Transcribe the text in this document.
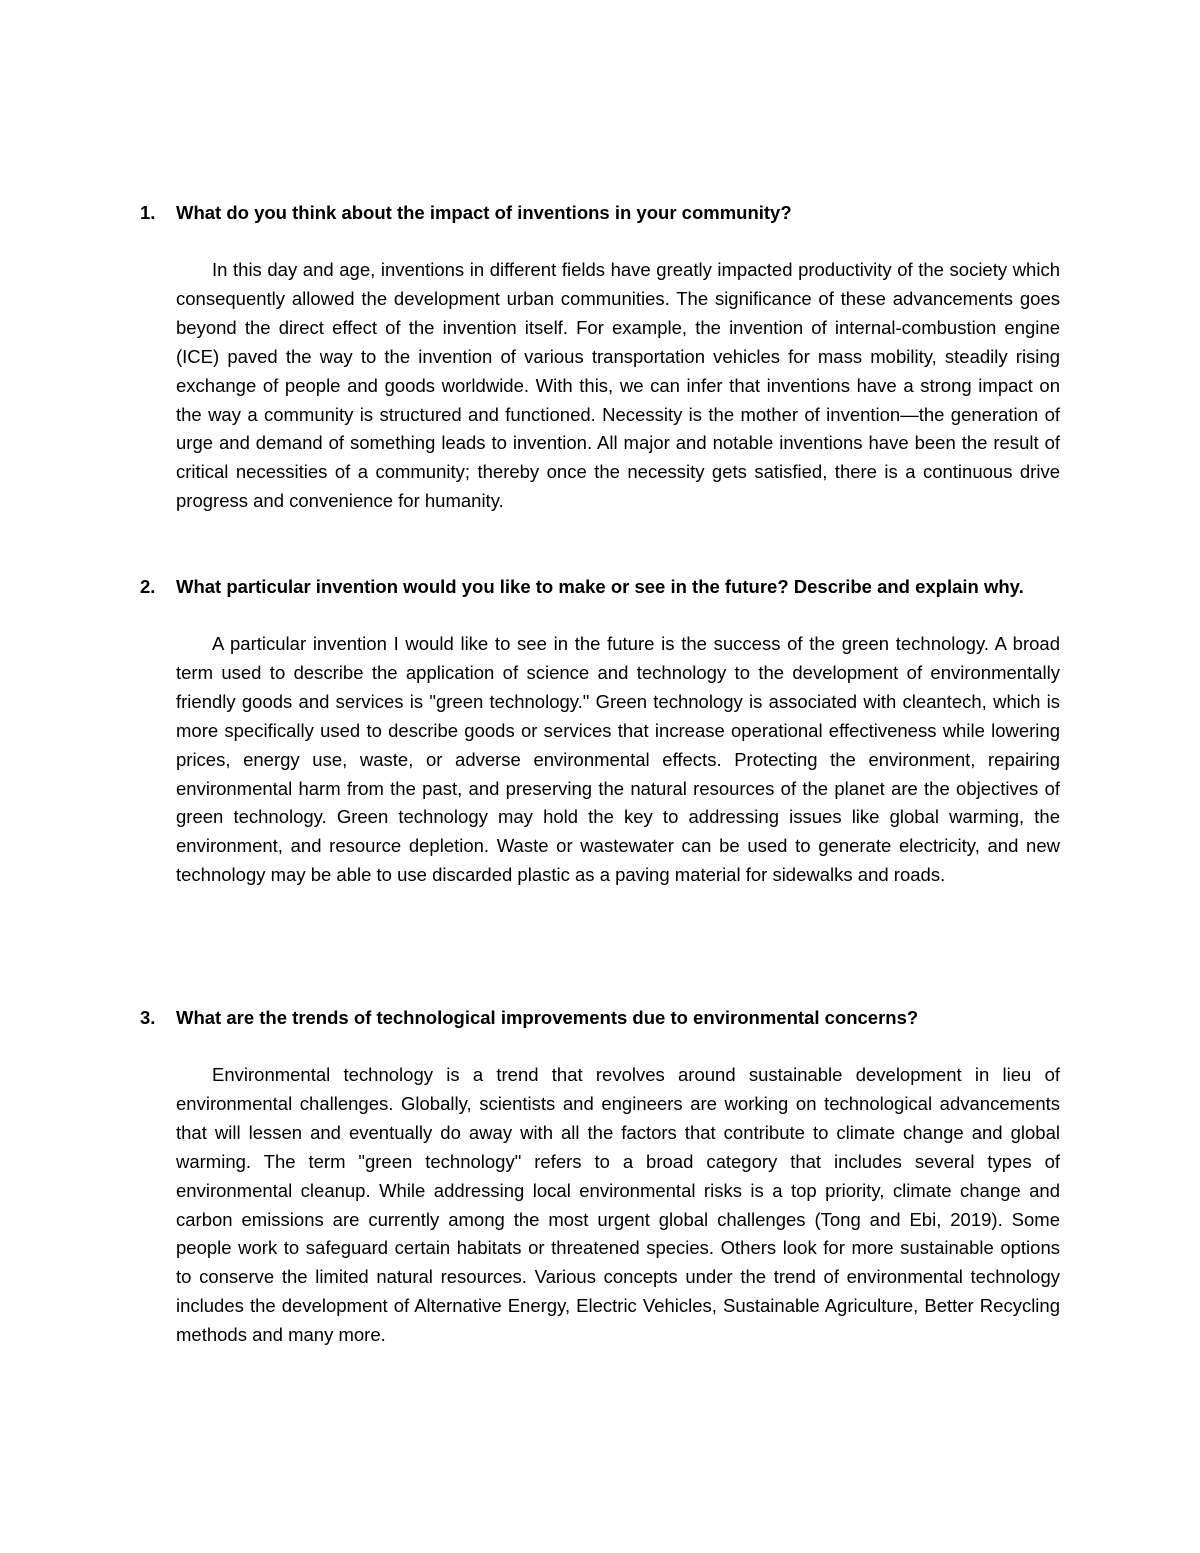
1. What do you think about the impact of inventions in your community?

In this day and age, inventions in different fields have greatly impacted productivity of the society which consequently allowed the development urban communities. The significance of these advancements goes beyond the direct effect of the invention itself. For example, the invention of internal-combustion engine (ICE) paved the way to the invention of various transportation vehicles for mass mobility, steadily rising exchange of people and goods worldwide. With this, we can infer that inventions have a strong impact on the way a community is structured and functioned. Necessity is the mother of invention—the generation of urge and demand of something leads to invention. All major and notable inventions have been the result of critical necessities of a community; thereby once the necessity gets satisfied, there is a continuous drive progress and convenience for humanity.

2. What particular invention would you like to make or see in the future? Describe and explain why.

A particular invention I would like to see in the future is the success of the green technology. A broad term used to describe the application of science and technology to the development of environmentally friendly goods and services is "green technology." Green technology is associated with cleantech, which is more specifically used to describe goods or services that increase operational effectiveness while lowering prices, energy use, waste, or adverse environmental effects. Protecting the environment, repairing environmental harm from the past, and preserving the natural resources of the planet are the objectives of green technology. Green technology may hold the key to addressing issues like global warming, the environment, and resource depletion. Waste or wastewater can be used to generate electricity, and new technology may be able to use discarded plastic as a paving material for sidewalks and roads.

3. What are the trends of technological improvements due to environmental concerns?

Environmental technology is a trend that revolves around sustainable development in lieu of environmental challenges. Globally, scientists and engineers are working on technological advancements that will lessen and eventually do away with all the factors that contribute to climate change and global warming. The term "green technology" refers to a broad category that includes several types of environmental cleanup. While addressing local environmental risks is a top priority, climate change and carbon emissions are currently among the most urgent global challenges (Tong and Ebi, 2019). Some people work to safeguard certain habitats or threatened species. Others look for more sustainable options to conserve the limited natural resources. Various concepts under the trend of environmental technology includes the development of Alternative Energy, Electric Vehicles, Sustainable Agriculture, Better Recycling methods and many more.
